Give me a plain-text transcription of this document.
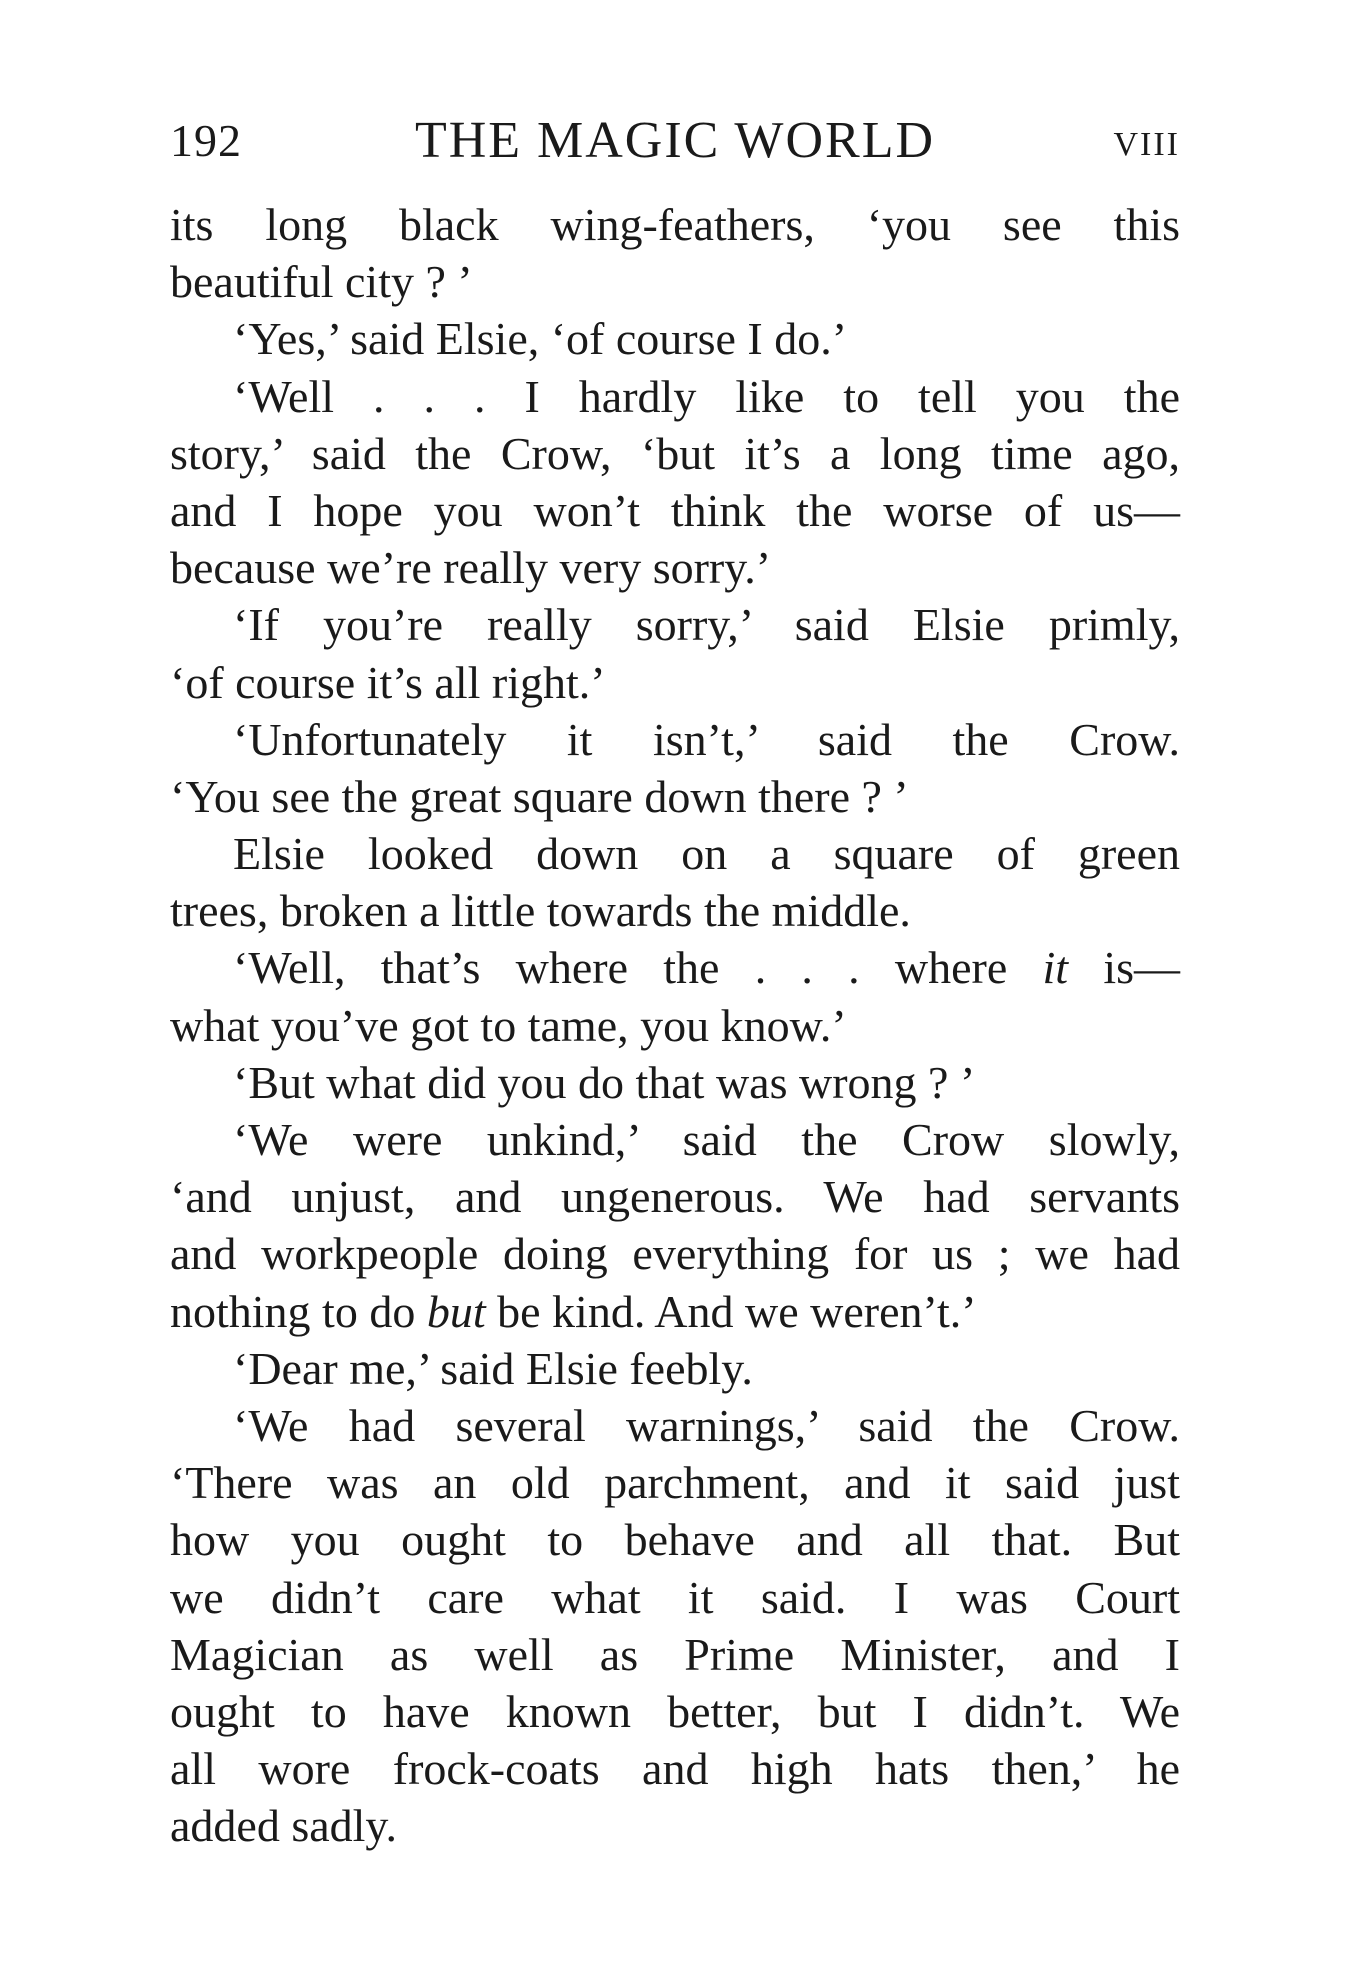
192	THE MAGIC WORLD	VIII
its long black wing-feathers, ‘you see this
beautiful city ? ’
‘Yes,’ said Elsie, ‘of course I do.’
‘Well . . . I hardly like to tell you the
story,’ said the Crow, ‘but it’s a long time ago,
and I hope you won’t think the worse of us—
because we’re really very sorry.’
‘If you’re really sorry,’ said Elsie primly,
‘of course it’s all right.’
‘Unfortunately it isn’t,’ said the Crow.
‘You see the great square down there ? ’
Elsie looked down on a square of green
trees, broken a little towards the middle.
‘Well, that’s where the . . . where it is—
what you’ve got to tame, you know.’
‘But what did you do that was wrong ? ’
‘We were unkind,’ said the Crow slowly,
‘and unjust, and ungenerous. We had servants
and workpeople doing everything for us ; we had
nothing to do but be kind. And we weren’t.’
‘Dear me,’ said Elsie feebly.
‘We had several warnings,’ said the Crow.
‘There was an old parchment, and it said just
how you ought to behave and all that. But
we didn’t care what it said. I was Court
Magician as well as Prime Minister, and I
ought to have known better, but I didn’t. We
all wore frock-coats and high hats then,’ he
added sadly.
